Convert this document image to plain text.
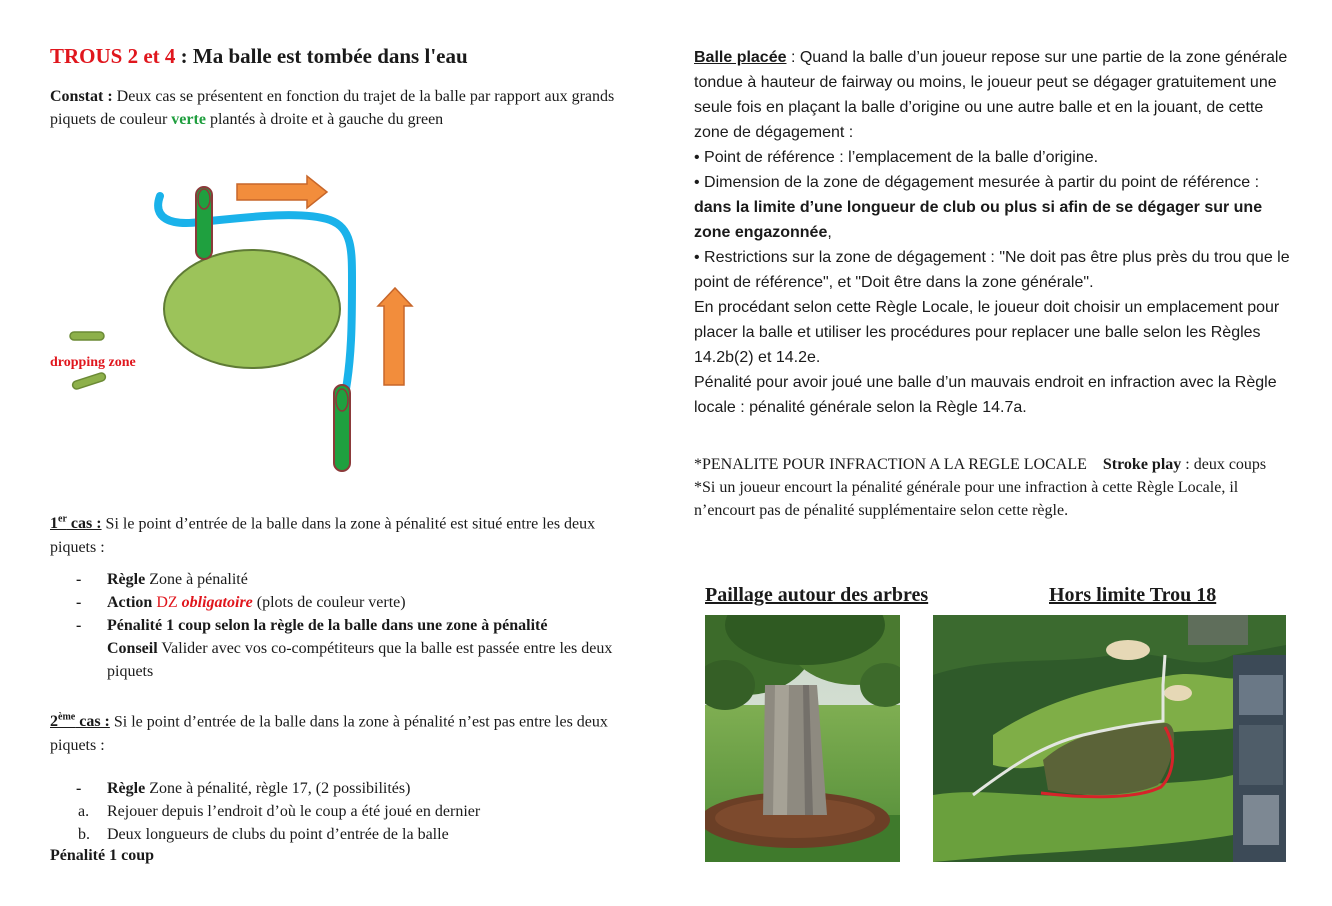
TROUS 2 et 4 : Ma balle est tombée dans l'eau
Constat : Deux cas se présentent en fonction du trajet de la balle par rapport aux grands piquets de couleur verte plantés à droite et à gauche du green
dropping zone
1er cas : Si le point d’entrée de la balle dans la zone à pénalité est situé entre les deux piquets :
- Règle Zone à pénalité
- Action DZ obligatoire (plots de couleur verte)
- Pénalité 1 coup selon la règle de la balle dans une zone à pénalité
Conseil Valider avec vos co-compétiteurs que la balle est passée entre les deux piquets
2ème cas : Si le point d’entrée de la balle dans la zone à pénalité n’est pas entre les deux piquets :
- Règle Zone à pénalité, règle 17, (2 possibilités)
a. Rejouer depuis l’endroit d’où le coup a été joué en dernier
b. Deux longueurs de clubs du point d’entrée de la balle
Pénalité 1 coup
Balle placée : Quand la balle d’un joueur repose sur une partie de la zone générale tondue à hauteur de fairway ou moins, le joueur peut se dégager gratuitement une seule fois en plaçant la balle d’origine ou une autre balle et en la jouant, de cette zone de dégagement :
• Point de référence : l’emplacement de la balle d’origine.
• Dimension de la zone de dégagement mesurée à partir du point de référence : dans la limite d’une longueur de club ou plus si afin de se dégager sur une zone engazonnée,
• Restrictions sur la zone de dégagement : "Ne doit pas être plus près du trou que le point de référence", et "Doit être dans la zone générale".
En procédant selon cette Règle Locale, le joueur doit choisir un emplacement pour placer la balle et utiliser les procédures pour replacer une balle selon les Règles 14.2b(2) et 14.2e.
Pénalité pour avoir joué une balle d’un mauvais endroit en infraction avec la Règle locale : pénalité générale selon la Règle 14.7a.
*PENALITE POUR INFRACTION A LA REGLE LOCALE Stroke play : deux coups
*Si un joueur encourt la pénalité générale pour une infraction à cette Règle Locale, il n’encourt pas de pénalité supplémentaire selon cette règle.
Paillage autour des arbres	Hors limite Trou 18
